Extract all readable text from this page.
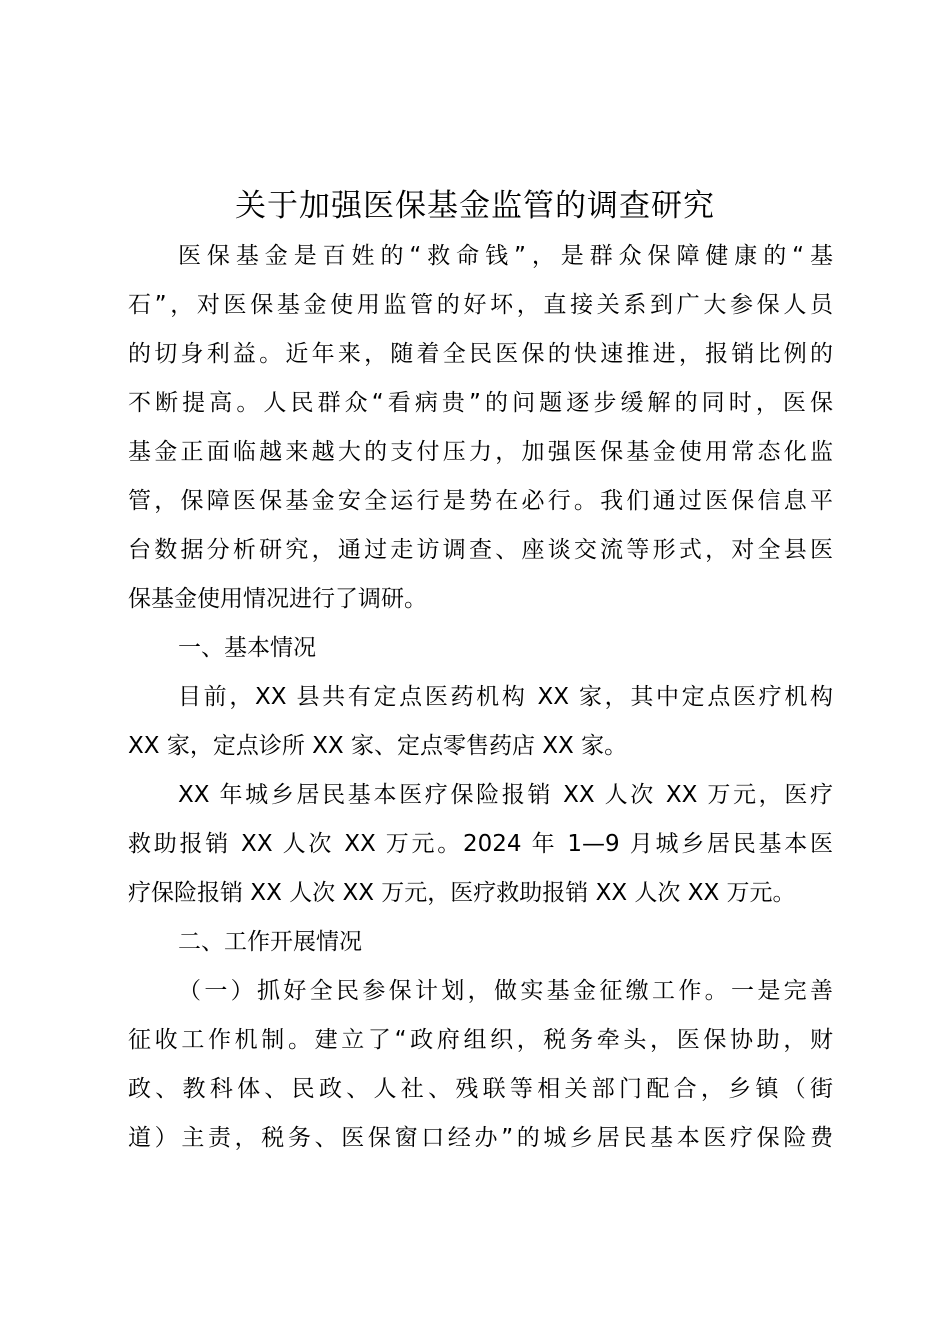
关于加强医保基金监管的调查研究
医保基金是百姓的“救命钱”，是群众保障健康的“基
石”，对医保基金使用监管的好坏，直接关系到广大参保人员
的切身利益。近年来，随着全民医保的快速推进，报销比例的
不断提高。人民群众“看病贵”的问题逐步缓解的同时，医保
基金正面临越来越大的支付压力，加强医保基金使用常态化监
管，保障医保基金安全运行是势在必行。我们通过医保信息平
台数据分析研究，通过走访调查、座谈交流等形式，对全县医
保基金使用情况进行了调研。
一、基本情况
目前，XX 县共有定点医药机构 XX 家，其中定点医疗机构
XX 家，定点诊所 XX 家、定点零售药店 XX 家。
XX 年城乡居民基本医疗保险报销 XX 人次 XX 万元，医疗
救助报销 XX 人次 XX 万元。2024 年 1—9 月城乡居民基本医
疗保险报销 XX 人次 XX 万元，医疗救助报销 XX 人次 XX 万元。
二、工作开展情况
（一）抓好全民参保计划，做实基金征缴工作。一是完善
征收工作机制。建立了“政府组织，税务牵头，医保协助，财
政、教科体、民政、人社、残联等相关部门配合，乡镇（街
道）主责，税务、医保窗口经办”的城乡居民基本医疗保险费
